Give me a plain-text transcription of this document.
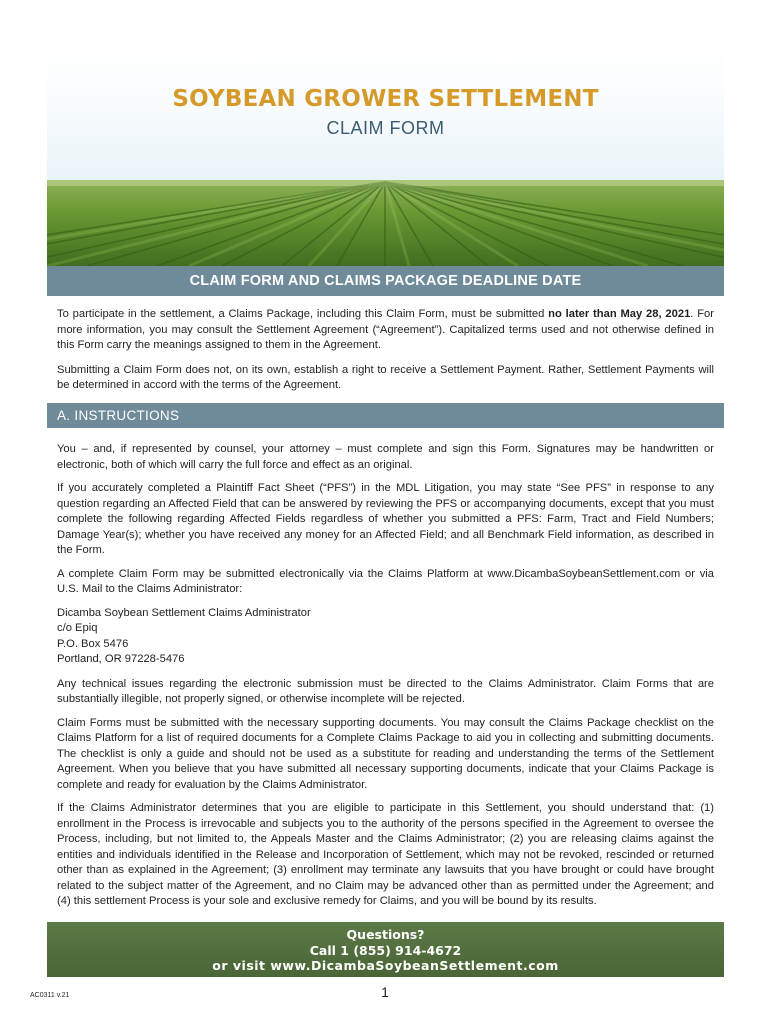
SOYBEAN GROWER SETTLEMENT
CLAIM FORM
CLAIM FORM AND CLAIMS PACKAGE DEADLINE DATE

To participate in the settlement, a Claims Package, including this Claim Form, must be submitted no later than May 28, 2021. For more information, you may consult the Settlement Agreement (“Agreement”). Capitalized terms used and not otherwise defined in this Form carry the meanings assigned to them in the Agreement.

Submitting a Claim Form does not, on its own, establish a right to receive a Settlement Payment. Rather, Settlement Payments will be determined in accord with the terms of the Agreement.

A. INSTRUCTIONS

You – and, if represented by counsel, your attorney – must complete and sign this Form. Signatures may be handwritten or electronic, both of which will carry the full force and effect as an original.

If you accurately completed a Plaintiff Fact Sheet (“PFS”) in the MDL Litigation, you may state “See PFS” in response to any question regarding an Affected Field that can be answered by reviewing the PFS or accompanying documents, except that you must complete the following regarding Affected Fields regardless of whether you submitted a PFS: Farm, Tract and Field Numbers; Damage Year(s); whether you have received any money for an Affected Field; and all Benchmark Field information, as described in the Form.

A complete Claim Form may be submitted electronically via the Claims Platform at www.DicambaSoybeanSettlement.com or via U.S. Mail to the Claims Administrator:

Dicamba Soybean Settlement Claims Administrator
c/o Epiq
P.O. Box 5476
Portland, OR 97228-5476

Any technical issues regarding the electronic submission must be directed to the Claims Administrator. Claim Forms that are substantially illegible, not properly signed, or otherwise incomplete will be rejected.

Claim Forms must be submitted with the necessary supporting documents. You may consult the Claims Package checklist on the Claims Platform for a list of required documents for a Complete Claims Package to aid you in collecting and submitting documents. The checklist is only a guide and should not be used as a substitute for reading and understanding the terms of the Settlement Agreement. When you believe that you have submitted all necessary supporting documents, indicate that your Claims Package is complete and ready for evaluation by the Claims Administrator.

If the Claims Administrator determines that you are eligible to participate in this Settlement, you should understand that: (1) enrollment in the Process is irrevocable and subjects you to the authority of the persons specified in the Agreement to oversee the Process, including, but not limited to, the Appeals Master and the Claims Administrator; (2) you are releasing claims against the entities and individuals identified in the Release and Incorporation of Settlement, which may not be revoked, rescinded or returned other than as explained in the Agreement; (3) enrollment may terminate any lawsuits that you have brought or could have brought related to the subject matter of the Agreement, and no Claim may be advanced other than as permitted under the Agreement; and (4) this settlement Process is your sole and exclusive remedy for Claims, and you will be bound by its results.

Questions?
Call 1 (855) 914-4672
or visit www.DicambaSoybeanSettlement.com
AC0311 v.21	1
